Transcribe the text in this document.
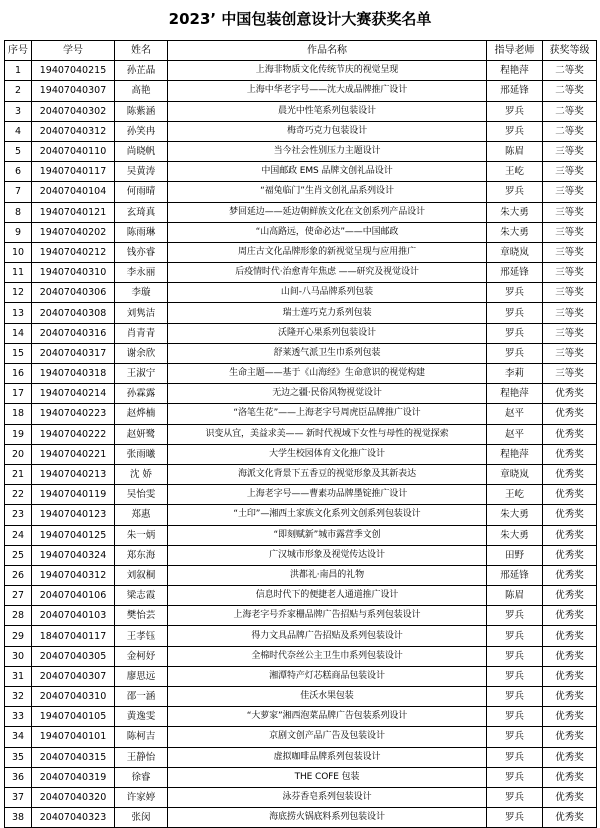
2023’ 中国包装创意设计大赛获奖名单
序号	学号	姓名	作品名称	指导老师	获奖等级
1	19407040215	孙芷晶	上海非物质文化传统节庆的视觉呈现	程艳萍	二等奖
2	19407040307	高艳	上海中华老字号——沈大成品牌推广设计	邢延锋	二等奖
3	20407040302	陈紫涵	晨光中性笔系列包装设计	罗兵	二等奖
4	20407040312	孙笑冉	梅奇巧克力包装设计	罗兵	二等奖
5	20407040110	尚晓帆	当今社会性别压力主题设计	陈眉	三等奖
6	19407040117	吴黄涛	中国邮政 EMS 品牌文创礼品设计	王屹	三等奖
7	20407040104	何雨晴	“福兔临门”生肖文创礼品系列设计	罗兵	三等奖
8	19407040121	玄琦真	梦回延边——延边朝鲜族文化在文创系列产品设计	朱大勇	三等奖
9	19407040202	陈雨琳	“山高路远，使命必达”——中国邮政	朱大勇	三等奖
10	19407040212	钱亦睿	周庄古文化品牌形象的新视觉呈现与应用推广	章晓岚	三等奖
11	19407040310	李永丽	后疫情时代·治愈青年焦虑 ——研究及视觉设计	邢延锋	三等奖
12	20407040306	李璇	山间-八马品牌系列包装	罗兵	三等奖
13	20407040308	刘隽洁	瑞士莲巧克力系列包装	罗兵	三等奖
14	20407040316	肖青青	沃隆开心果系列包装设计	罗兵	三等奖
15	20407040317	谢余欣	舒莱透气派卫生巾系列包装	罗兵	三等奖
16	19407040318	王淑宁	生命主题——基于《山海经》生命意识的视觉构建	李莉	三等奖
17	19407040214	孙霖露	无边之疆·民俗风物视觉设计	程艳萍	优秀奖
18	19407040223	赵烨楠	“洛笔生花”——上海老字号周虎臣品牌推广设计	赵平	优秀奖
19	19407040222	赵妍鹭	识变从宜，美益求美—— 新时代视域下女性与母性的视觉探索	赵平	优秀奖
20	19407040221	张雨曦	大学生校园体育文化推广设计	程艳萍	优秀奖
21	19407040213	沈 娇	海派文化背景下五香豆的视觉形象及其新表达	章晓岚	优秀奖
22	19407040119	吴怡雯	上海老字号——曹素功品牌墨锭推广设计	王屹	优秀奖
23	19407040123	郑惠	“土印”—湘西土家族文化系列文创系列包装设计	朱大勇	优秀奖
24	19407040125	朱一炳	“即刻赋新”城市露营季文创	朱大勇	优秀奖
25	19407040324	郑东海	广汉城市形象及视觉传达设计	田野	优秀奖
26	19407040312	刘叙桐	洪都礼·南昌的礼物	邢延锋	优秀奖
27	20407040106	梁志霞	信息时代下的便捷老人通道推广设计	陈眉	优秀奖
28	20407040103	樊怡芸	上海老字号乔家栅品牌广告招贴与系列包装设计	罗兵	优秀奖
29	18407040117	王孝钰	得力文具品牌广告招贴及系列包装设计	罗兵	优秀奖
30	20407040305	金柯妤	全棉时代奈丝公主卫生巾系列包装设计	罗兵	优秀奖
31	20407040307	廖思远	湘潭特产灯芯糕商品包装设计	罗兵	优秀奖
32	20407040310	邵一涵	佳沃水果包装	罗兵	优秀奖
33	19407040105	黄逸雯	“大萝家”湘西泡菜品牌广告包装系列设计	罗兵	优秀奖
34	19407040101	陈柯吉	京剧文创产品广告及包装设计	罗兵	优秀奖
35	20407040315	王静怡	虚拟咖啡品牌系列包装设计	罗兵	优秀奖
36	20407040319	徐睿	THE COFE 包装	罗兵	优秀奖
37	20407040320	许家婷	泳芬香皂系列包装设计	罗兵	优秀奖
38	20407040323	张闵	海底捞火锅底料系列包装设计	罗兵	优秀奖
